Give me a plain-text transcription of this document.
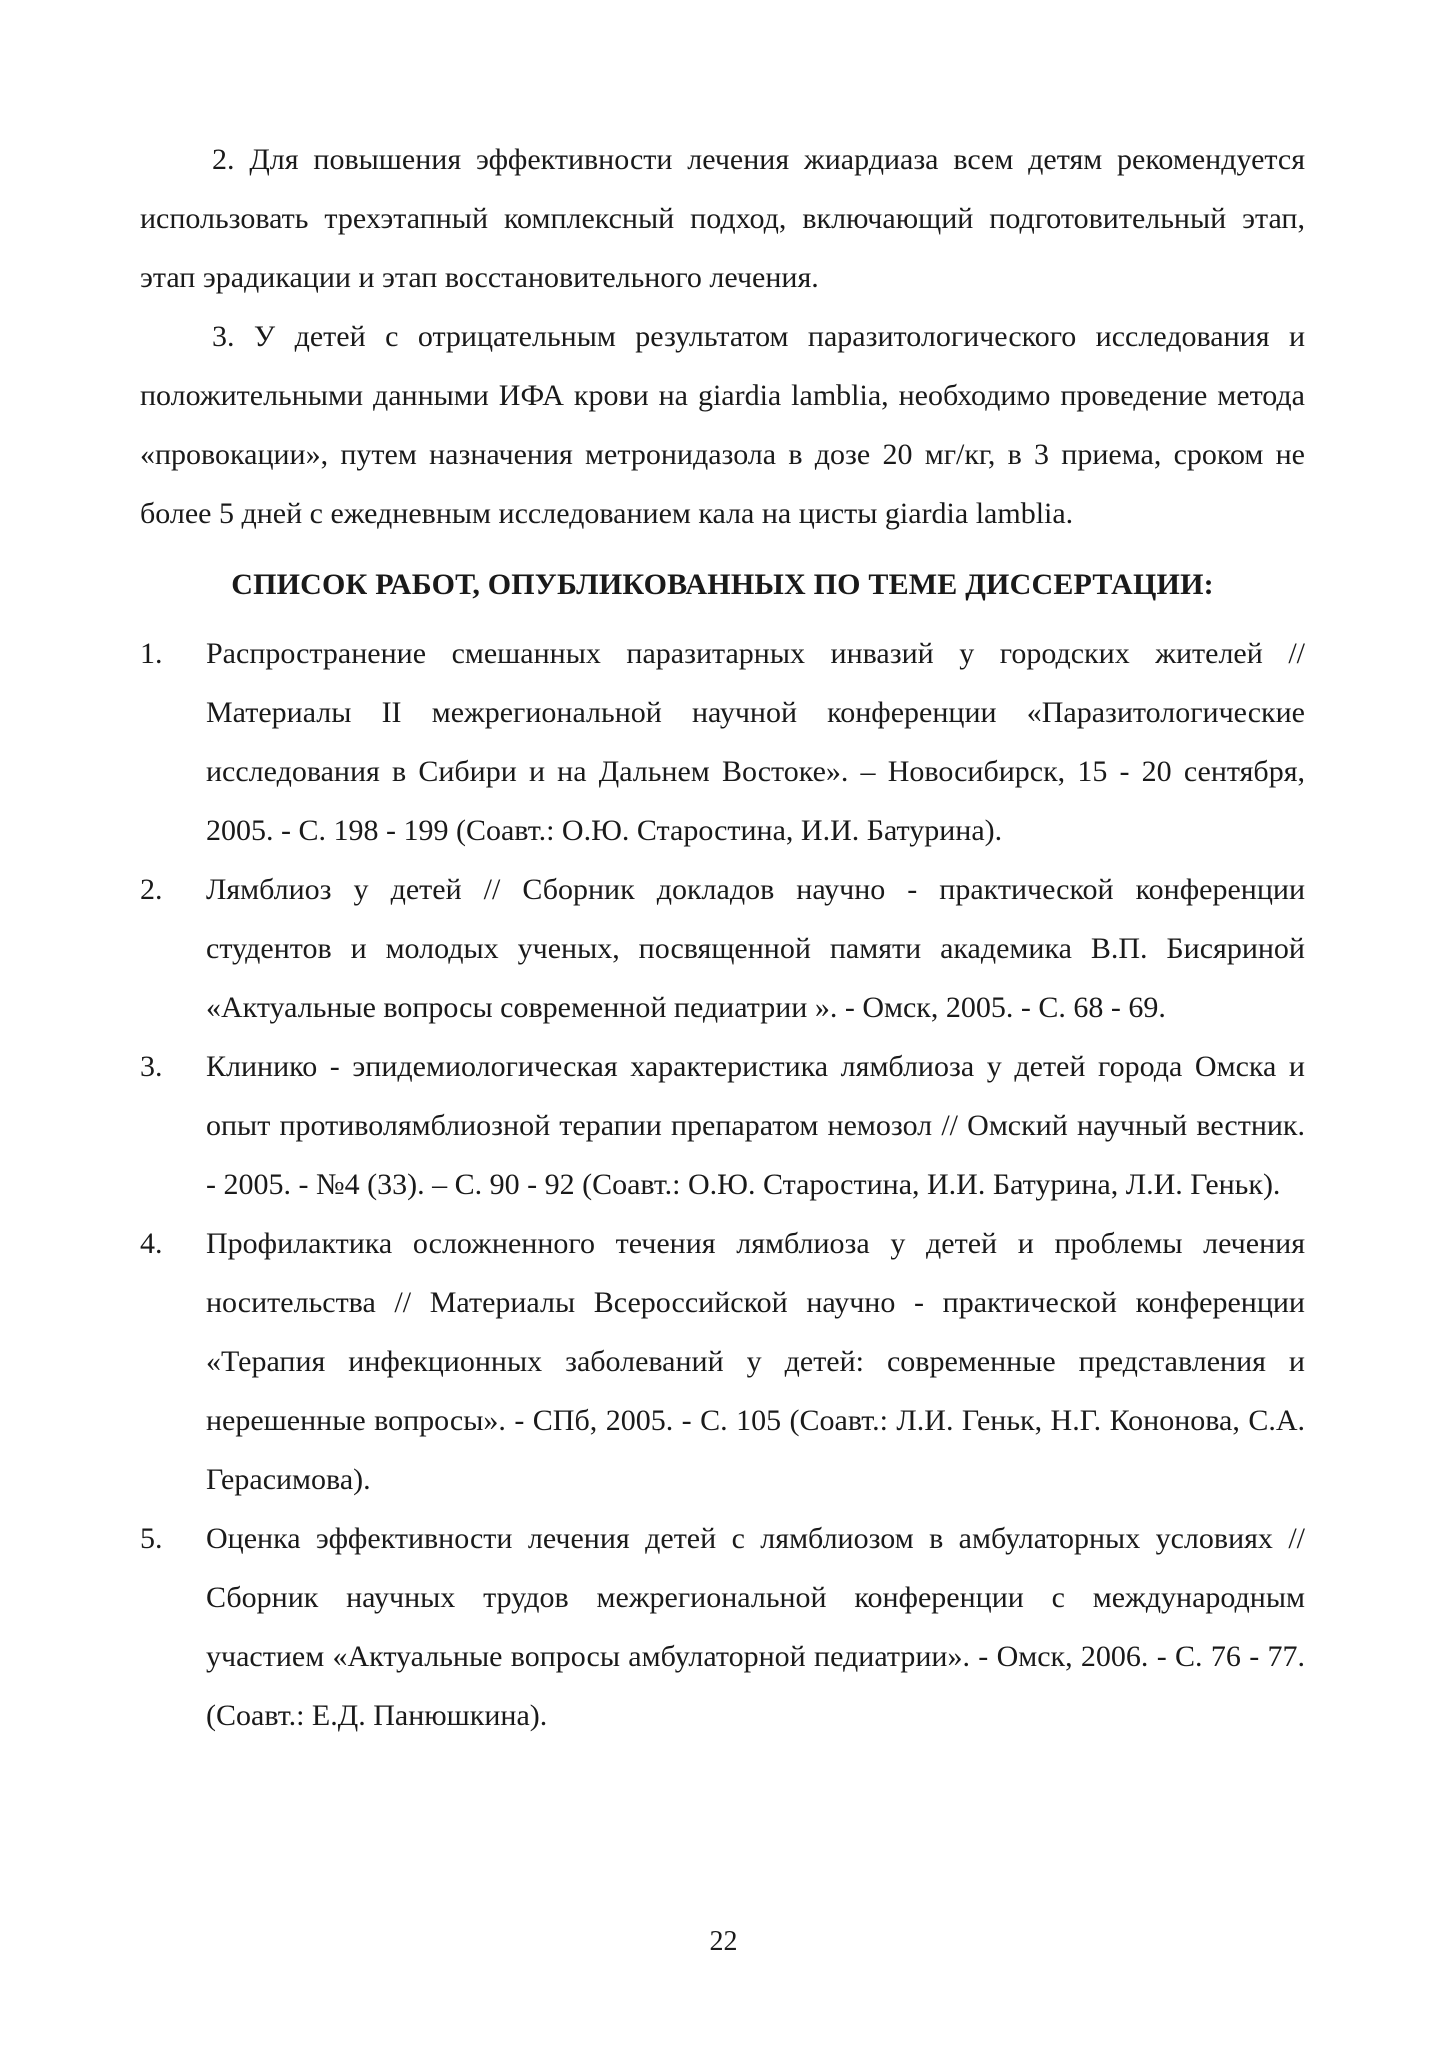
2. Для повышения эффективности лечения жиардиаза всем детям рекомендуется использовать трехэтапный комплексный подход, включающий подготовительный этап, этап эрадикации и этап восстановительного лечения.

3. У детей с отрицательным результатом паразитологического исследования и положительными данными ИФА крови на giardia lamblia, необходимо проведение метода «провокации», путем назначения метронидазола в дозе 20 мг/кг, в 3 приема, сроком не более 5 дней с ежедневным исследованием кала на цисты giardia lamblia.

СПИСОК РАБОТ, ОПУБЛИКОВАННЫХ ПО ТЕМЕ ДИССЕРТАЦИИ:
1.	Распространение смешанных паразитарных инвазий у городских жителей // Материалы II межрегиональной научной конференции «Паразитологические исследования в Сибири и на Дальнем Востоке». – Новосибирск, 15 - 20 сентября, 2005. - С. 198 - 199 (Соавт.: О.Ю. Старостина, И.И. Батурина).
2.	Лямблиоз у детей // Сборник докладов научно - практической конференции студентов и молодых ученых, посвященной памяти академика В.П. Бисяриной «Актуальные вопросы современной педиатрии ». - Омск, 2005. - С. 68 - 69.
3.	Клинико - эпидемиологическая характеристика лямблиоза у детей города Омска и опыт противолямблиозной терапии препаратом немозол // Омский научный вестник. - 2005. - №4 (33). – С. 90 - 92 (Соавт.: О.Ю. Старостина, И.И. Батурина, Л.И. Геньк).
4.	Профилактика осложненного течения лямблиоза у детей и проблемы лечения носительства // Материалы Всероссийской научно - практической конференции «Терапия инфекционных заболеваний у детей: современные представления и нерешенные вопросы». - СПб, 2005. - С. 105 (Соавт.: Л.И. Геньк, Н.Г. Кононова, С.А. Герасимова).
5.	Оценка эффективности лечения детей с лямблиозом в амбулаторных условиях // Сборник научных трудов межрегиональной конференции с международным участием «Актуальные вопросы амбулаторной педиатрии». - Омск, 2006. - С. 76 - 77. (Соавт.: Е.Д. Панюшкина).
22
